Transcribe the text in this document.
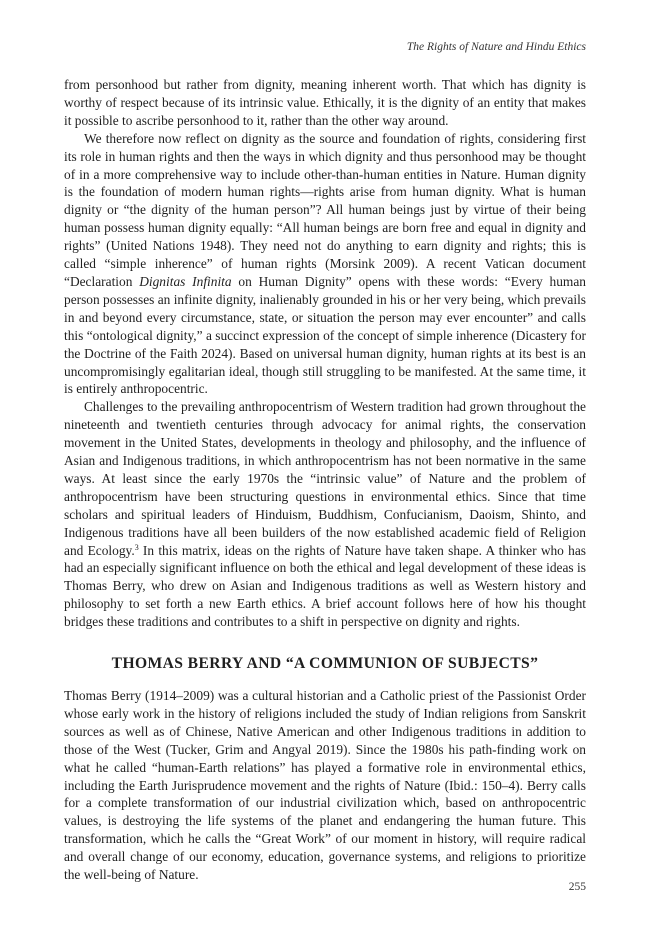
The Rights of Nature and Hindu Ethics

from personhood but rather from dignity, meaning inherent worth. That which has dignity is worthy of respect because of its intrinsic value. Ethically, it is the dignity of an entity that makes it possible to ascribe personhood to it, rather than the other way around.

We therefore now reflect on dignity as the source and foundation of rights, considering first its role in human rights and then the ways in which dignity and thus personhood may be thought of in a more comprehensive way to include other-than-human entities in Nature. Human dignity is the foundation of modern human rights—rights arise from human dignity. What is human dignity or “the dignity of the human person”? All human beings just by virtue of their being human possess human dignity equally: “All human beings are born free and equal in dignity and rights” (United Nations 1948). They need not do anything to earn dignity and rights; this is called “simple inherence” of human rights (Morsink 2009). A recent Vatican document “Declaration Dignitas Infinita on Human Dignity” opens with these words: “Every human person possesses an infinite dignity, inalienably grounded in his or her very being, which prevails in and beyond every circumstance, state, or situation the person may ever encounter” and calls this “ontological dignity,” a succinct expression of the concept of simple inherence (Dicastery for the Doctrine of the Faith 2024). Based on universal human dignity, human rights at its best is an uncompromisingly egalitarian ideal, though still struggling to be manifested. At the same time, it is entirely anthropocentric.

Challenges to the prevailing anthropocentrism of Western tradition had grown throughout the nineteenth and twentieth centuries through advocacy for animal rights, the conservation movement in the United States, developments in theology and philosophy, and the influence of Asian and Indigenous traditions, in which anthropocentrism has not been normative in the same ways. At least since the early 1970s the “intrinsic value” of Nature and the problem of anthropocentrism have been structuring questions in environmental ethics. Since that time scholars and spiritual leaders of Hinduism, Buddhism, Confucianism, Daoism, Shinto, and Indigenous traditions have all been builders of the now established academic field of Religion and Ecology.$^3$ In this matrix, ideas on the rights of Nature have taken shape. A thinker who has had an especially significant influence on both the ethical and legal development of these ideas is Thomas Berry, who drew on Asian and Indigenous traditions as well as Western history and philosophy to set forth a new Earth ethics. A brief account follows here of how his thought bridges these traditions and contributes to a shift in perspective on dignity and rights.

THOMAS BERRY AND “A COMMUNION OF SUBJECTS”

Thomas Berry (1914–2009) was a cultural historian and a Catholic priest of the Passionist Order whose early work in the history of religions included the study of Indian religions from Sanskrit sources as well as of Chinese, Native American and other Indigenous traditions in addition to those of the West (Tucker, Grim and Angyal 2019). Since the 1980s his path-finding work on what he called “human-Earth relations” has played a formative role in environmental ethics, including the Earth Jurisprudence movement and the rights of Nature (Ibid.: 150–4). Berry calls for a complete transformation of our industrial civilization which, based on anthropocentric values, is destroying the life systems of the planet and endangering the human future. This transformation, which he calls the “Great Work” of our moment in history, will require radical and overall change of our economy, education, governance systems, and religions to prioritize the well-being of Nature.

255
